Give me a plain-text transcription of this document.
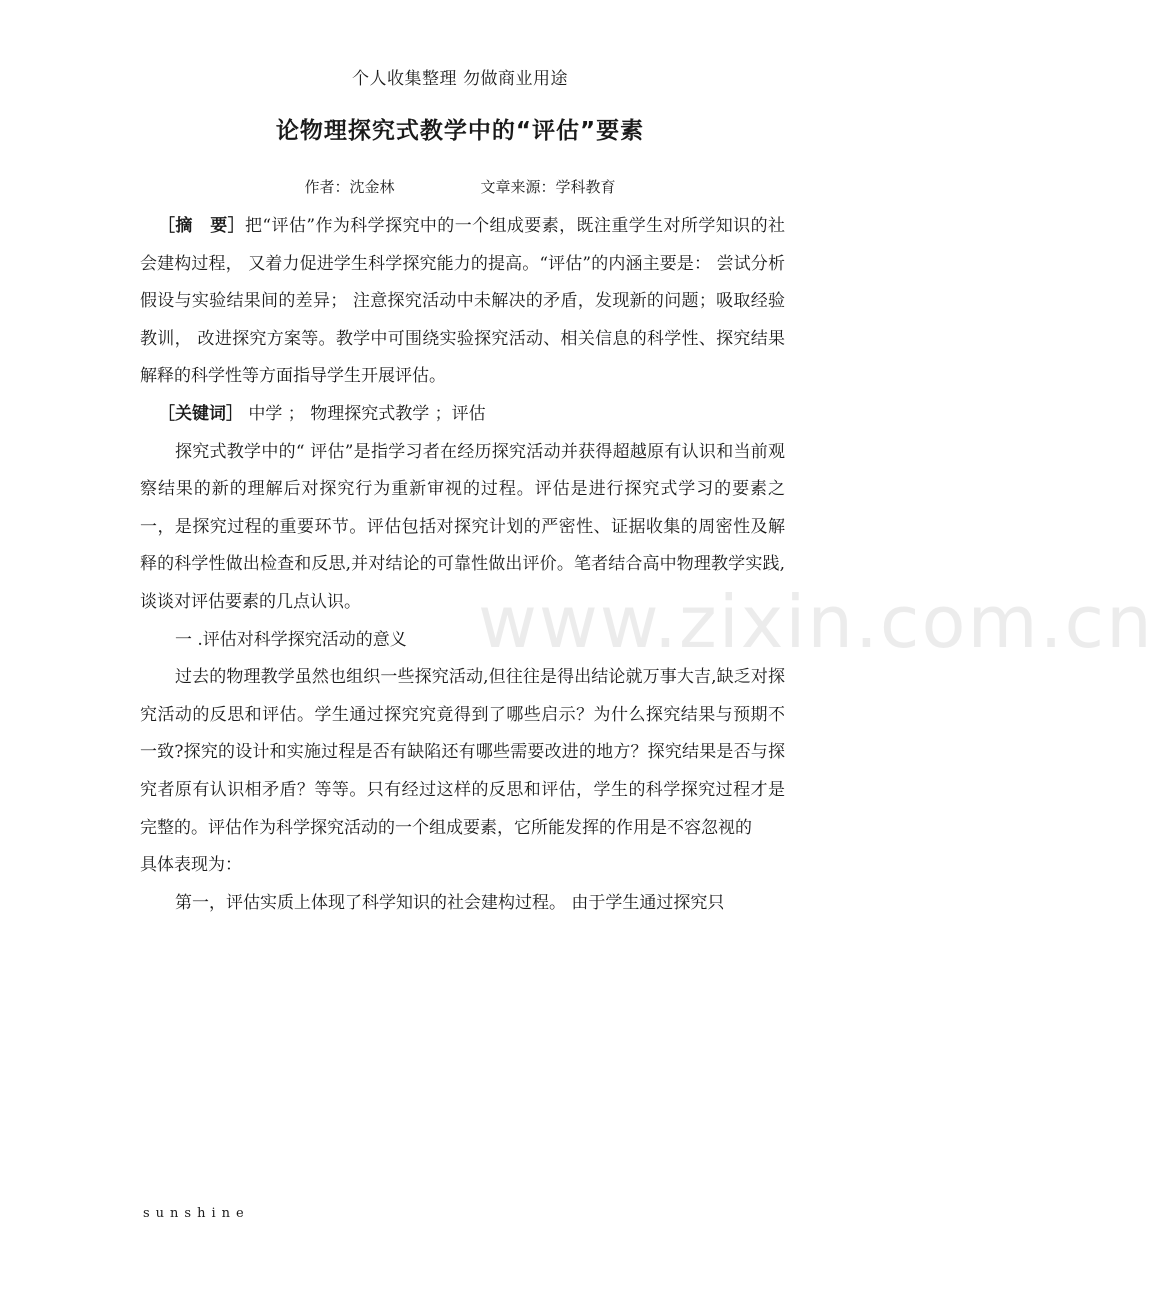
www.zixin.com.cn
个人收集整理 勿做商业用途
论物理探究式教学中的“评估”要素
作者：沈金林	文章来源：学科教育

［摘　要］把“评估”作为科学探究中的一个组成要素，既注重学生对所学知识的社会建构过程， 又着力促进学生科学探究能力的提高。“评估”的内涵主要是： 尝试分析假设与实验结果间的差异； 注意探究活动中未解决的矛盾，发现新的问题；吸取经验教训， 改进探究方案等。教学中可围绕实验探究活动、相关信息的科学性、探究结果解释的科学性等方面指导学生开展评估。

［关键词］ 中学 ； 物理探究式教学 ；评估

探究式教学中的“ 评估”是指学习者在经历探究活动并获得超越原有认识和当前观察结果的新的理解后对探究行为重新审视的过程。评估是进行探究式学习的要素之一，是探究过程的重要环节。评估包括对探究计划的严密性、证据收集的周密性及解释的科学性做出检查和反思,并对结论的可靠性做出评价。笔者结合高中物理教学实践,谈谈对评估要素的几点认识。

一 .评估对科学探究活动的意义

过去的物理教学虽然也组织一些探究活动,但往往是得出结论就万事大吉,缺乏对探究活动的反思和评估。学生通过探究究竟得到了哪些启示？为什么探究结果与预期不一致?探究的设计和实施过程是否有缺陷还有哪些需要改进的地方？探究结果是否与探究者原有认识相矛盾？等等。只有经过这样的反思和评估，学生的科学探究过程才是完整的。评估作为科学探究活动的一个组成要素，它所能发挥的作用是不容忽视的

具体表现为：

第一，评估实质上体现了科学知识的社会建构过程。 由于学生通过探究只

sunshine
